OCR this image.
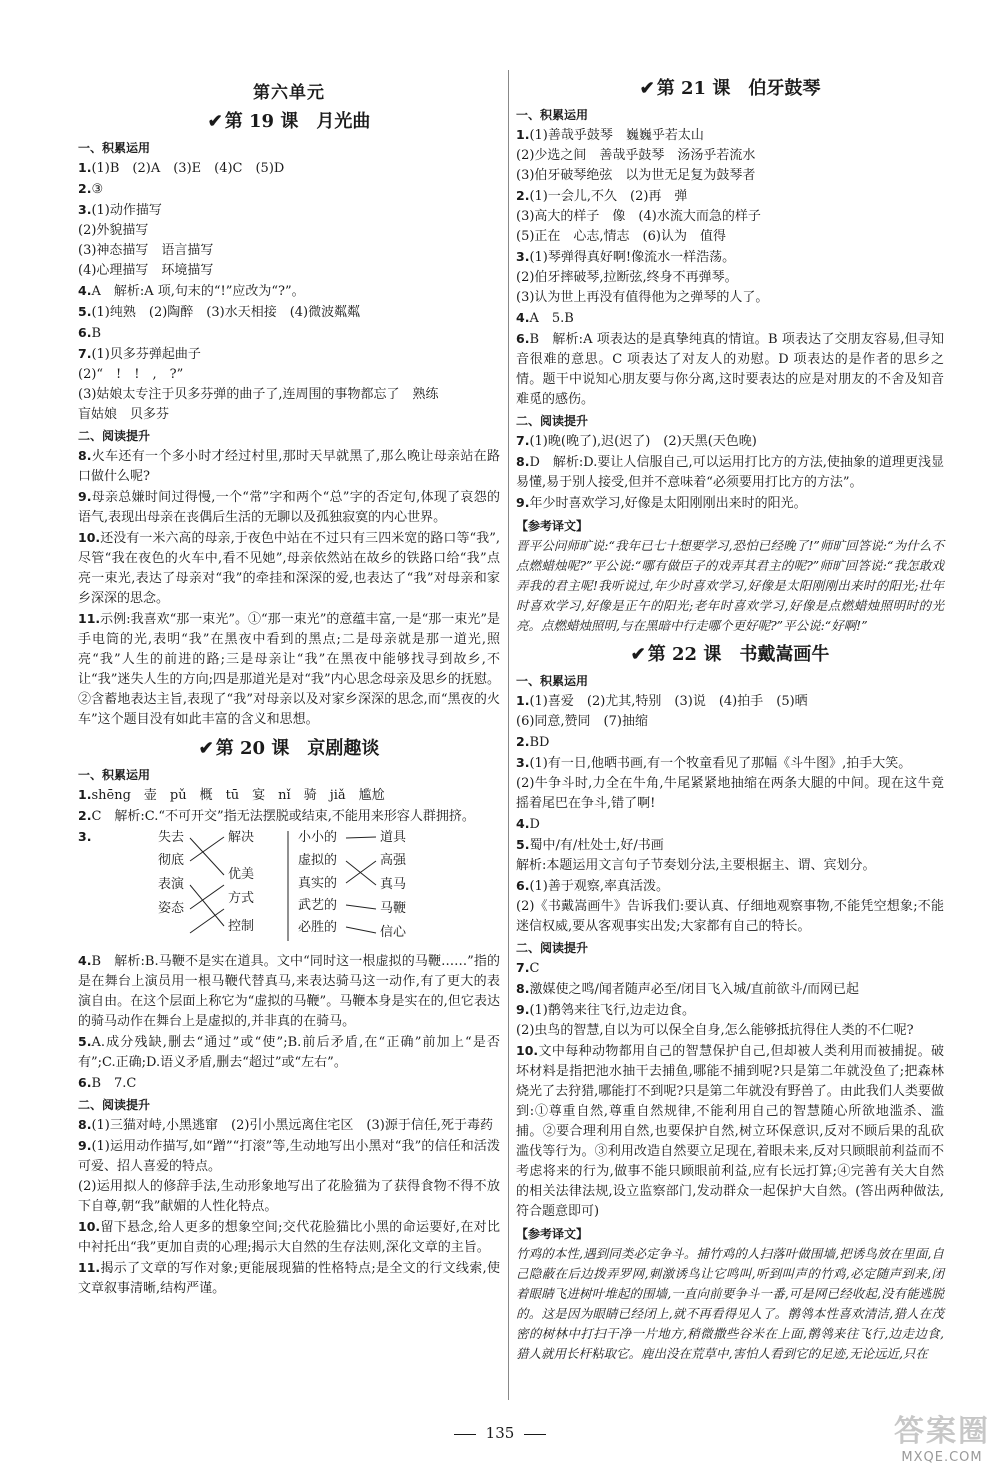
第六单元
✔ 第 19 课 月光曲
一、积累运用
1.(1)B　(2)A　(3)E　(4)C　(5)D
2.③
3.(1)动作描写
(2)外貌描写
(3)神态描写　语言描写
(4)心理描写　环境描写
4.A　解析:A 项,句末的“!”应改为“?”。
5.(1)纯熟　(2)陶醉　(3)水天相接　(4)微波粼粼
6.B
7.(1)贝多芬弹起曲子
(2)“　!　!　,　?”
(3)姑娘太专注于贝多芬弹的曲子了,连周围的事物都忘了　熟练
盲姑娘　贝多芬
二、阅读提升
8.火车还有一个多小时才经过村里,那时天早就黑了,那么晚让母亲站在路口做什么呢?
9.母亲总嫌时间过得慢,一个“常”字和两个“总”字的否定句,体现了哀怨的语气,表现出母亲在丧偶后生活的无聊以及孤独寂寞的内心世界。
10.还没有一米六高的母亲,于夜色中站在不过只有三四米宽的路口等“我”,尽管“我在夜色的火车中,看不见她”,母亲依然站在故乡的铁路口给“我”点亮一束光,表达了母亲对“我”的牵挂和深深的爱,也表达了“我”对母亲和家乡深深的思念。
11.示例:我喜欢“那一束光”。①“那一束光”的意蕴丰富,一是“那一束光”是手电筒的光,表明“我”在黑夜中看到的黑点;二是母亲就是那一道光,照亮“我”人生的前进的路;三是母亲让“我”在黑夜中能够找寻到故乡,不让“我”迷失人生的方向;四是那道光是对“我”内心思念母亲及思乡的抚慰。②含蓄地表达主旨,表现了“我”对母亲以及对家乡深深的思念,而“黑夜的火车”这个题目没有如此丰富的含义和思想。
✔ 第 20 课 京剧趣谈
一、积累运用
1.shēng　壶　pǔ　概　tū　宴　nǐ　骑　jiǎ　尴尬
2.C　解析:C.“不可开交”指无法摆脱或结束,不能用来形容人群拥挤。
3.	失去
彻底
表演
姿态
解决
优美
方式
控制
小小的
虚拟的
真实的
武艺的
必胜的
道具
高强
真马
马鞭
信心
4.B　解析:B.马鞭不是实在道具。文中“同时这一根虚拟的马鞭……”指的是在舞台上演员用一根马鞭代替真马,来表达骑马这一动作,有了更大的表演自由。在这个层面上称它为“虚拟的马鞭”。马鞭本身是实在的,但它表达的骑马动作在舞台上是虚拟的,并非真的在骑马。
5.A.成分残缺,删去“通过”或“使”;B.前后矛盾,在“正确”前加上“是否有”;C.正确;D.语义矛盾,删去“超过”或“左右”。
6.B　7.C
二、阅读提升
8.(1)三猫对峙,小黑逃窜　(2)引小黑远离住宅区　(3)源于信任,死于毒药
9.(1)运用动作描写,如“蹭”“打滚”等,生动地写出小黑对“我”的信任和活泼可爱、招人喜爱的特点。
(2)运用拟人的修辞手法,生动形象地写出了花脸猫为了获得食物不得不放下自尊,朝“我”献媚的人性化特点。
10.留下悬念,给人更多的想象空间;交代花脸猫比小黑的命运要好,在对比中衬托出“我”更加自责的心理;揭示大自然的生存法则,深化文章的主旨。
11.揭示了文章的写作对象;更能展现猫的性格特点;是全文的行文线索,使文章叙事清晰,结构严谨。
✔ 第 21 课 伯牙鼓琴
一、积累运用
1.(1)善哉乎鼓琴　巍巍乎若太山
(2)少选之间　善哉乎鼓琴　汤汤乎若流水
(3)伯牙破琴绝弦　以为世无足复为鼓琴者
2.(1)一会儿,不久　(2)再　弹
(3)高大的样子　像　(4)水流大而急的样子
(5)正在　心志,情志　(6)认为　值得
3.(1)琴弹得真好啊!像流水一样浩荡。
(2)伯牙摔破琴,拉断弦,终身不再弹琴。
(3)认为世上再没有值得他为之弹琴的人了。
4.A　5.B
6.B　解析:A 项表达的是真挚纯真的情谊。B 项表达了交朋友容易,但寻知音很难的意思。C 项表达了对友人的劝慰。D 项表达的是作者的思乡之情。题干中说知心朋友要与你分离,这时要表达的应是对朋友的不舍及知音难觅的感伤。
二、阅读提升
7.(1)晚(晚了),迟(迟了)　(2)天黑(天色晚)
8.D　解析:D.要让人信服自己,可以运用打比方的方法,使抽象的道理更浅显易懂,易于别人接受,但并不意味着“必须要用打比方的方法”。
9.年少时喜欢学习,好像是太阳刚刚出来时的阳光。
【参考译文】
晋平公问师旷说:“我年已七十想要学习,恐怕已经晚了!”师旷回答说:“为什么不点燃蜡烛呢?”平公说:“哪有做臣子的戏弄其君主的呢?”师旷回答说:“我怎敢戏弄我的君主呢!我听说过,年少时喜欢学习,好像是太阳刚刚出来时的阳光;壮年时喜欢学习,好像是正午的阳光;老年时喜欢学习,好像是点燃蜡烛照明时的光亮。点燃蜡烛照明,与在黑暗中行走哪个更好呢?”平公说:“好啊!”
✔ 第 22 课 书戴嵩画牛
一、积累运用
1.(1)喜爱　(2)尤其,特别　(3)说　(4)拍手　(5)晒
(6)同意,赞同　(7)抽缩
2.BD
3.(1)有一日,他晒书画,有一个牧童看见了那幅《斗牛图》,拍手大笑。
(2)牛争斗时,力全在牛角,牛尾紧紧地抽缩在两条大腿的中间。现在这牛竟摇着尾巴在争斗,错了啊!
4.D
5.蜀中/有/杜处士,好/书画
解析:本题运用文言句子节奏划分法,主要根据主、谓、宾划分。
6.(1)善于观察,率真活泼。
(2)《书戴嵩画牛》告诉我们:要认真、仔细地观察事物,不能凭空想象;不能迷信权威,要从客观事实出发;大家都有自己的特长。
二、阅读提升
7.C
8.激媒使之鸣/闻者随声必至/闭目飞入城/直前欲斗/而网已起
9.(1)鹡鸰来往飞行,边走边食。
(2)虫鸟的智慧,自以为可以保全自身,怎么能够抵抗得住人类的不仁呢?
10.文中每种动物都用自己的智慧保护自己,但却被人类利用而被捕捉。破坏材料是指把池水抽干去捕鱼,哪能不捕到呢?只是第二年就没鱼了;把森林烧光了去狩猎,哪能打不到呢?只是第二年就没有野兽了。由此我们人类要做到:①尊重自然,尊重自然规律,不能利用自己的智慧随心所欲地滥杀、滥捕。②要合理利用自然,也要保护自然,树立环保意识,反对不顾后果的乱砍滥伐等行为。③利用改造自然要立足现在,着眼未来,反对只顾眼前利益而不考虑将来的行为,做事不能只顾眼前利益,应有长远打算;④完善有关大自然的相关法律法规,设立监察部门,发动群众一起保护大自然。(答出两种做法,符合题意即可)
【参考译文】
竹鸡的本性,遇到同类必定争斗。捕竹鸡的人扫落叶做围墙,把诱鸟放在里面,自己隐蔽在后边拨弄罗网,刺激诱鸟让它鸣叫,听到叫声的竹鸡,必定随声到来,闭着眼睛飞进树叶堆起的围墙,一直向前要争斗一番,可是网已经收起,没有能逃脱的。这是因为眼睛已经闭上,就不再看得见人了。鹡鸰本性喜欢清洁,猎人在茂密的树林中打扫干净一片地方,稍微撒些谷米在上面,鹡鸰来往飞行,边走边食,猎人就用长杆粘取它。鹿出没在荒草中,害怕人看到它的足迹,无论远近,只在
135	答案圈
MXQE.COM
